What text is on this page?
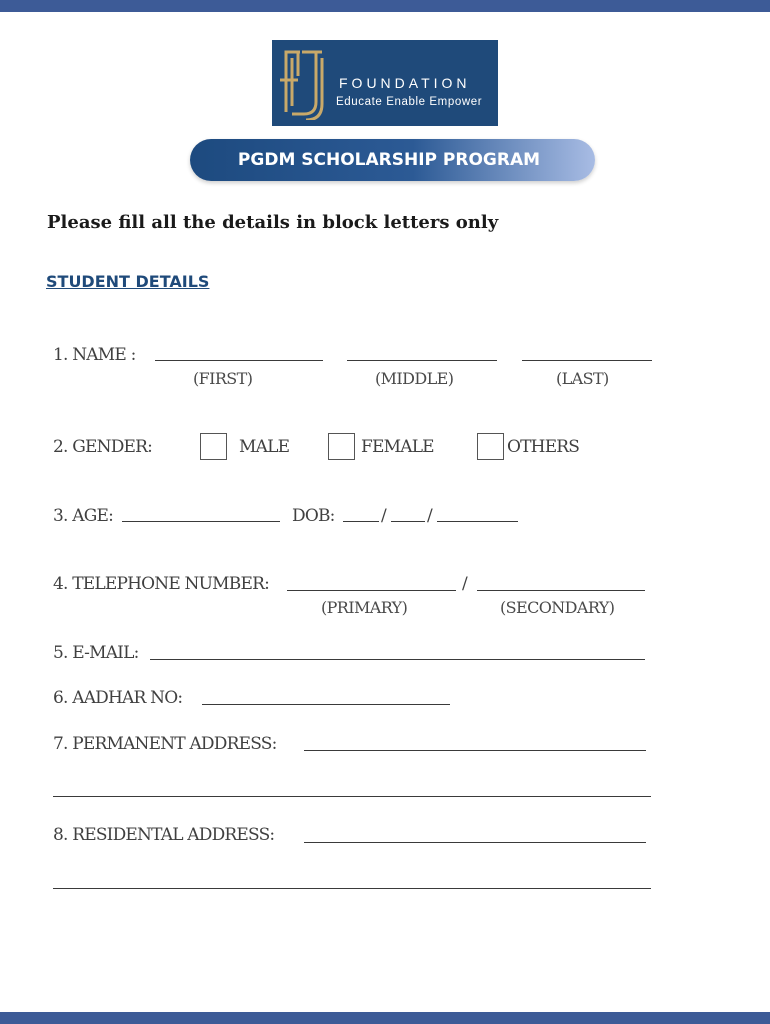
FOUNDATION
Educate Enable Empower
PGDM SCHOLARSHIP PROGRAM
Please fill all the details in block letters only
STUDENT DETAILS
1. NAME :
(FIRST)	(MIDDLE)	(LAST)
2. GENDER:	MALE	FEMALE	OTHERS
3. AGE:	DOB:	/ /
4. TELEPHONE NUMBER:	/
(PRIMARY)	(SECONDARY)
5. E-MAIL:
6. AADHAR NO:
7. PERMANENT ADDRESS:
8. RESIDENTAL ADDRESS:
